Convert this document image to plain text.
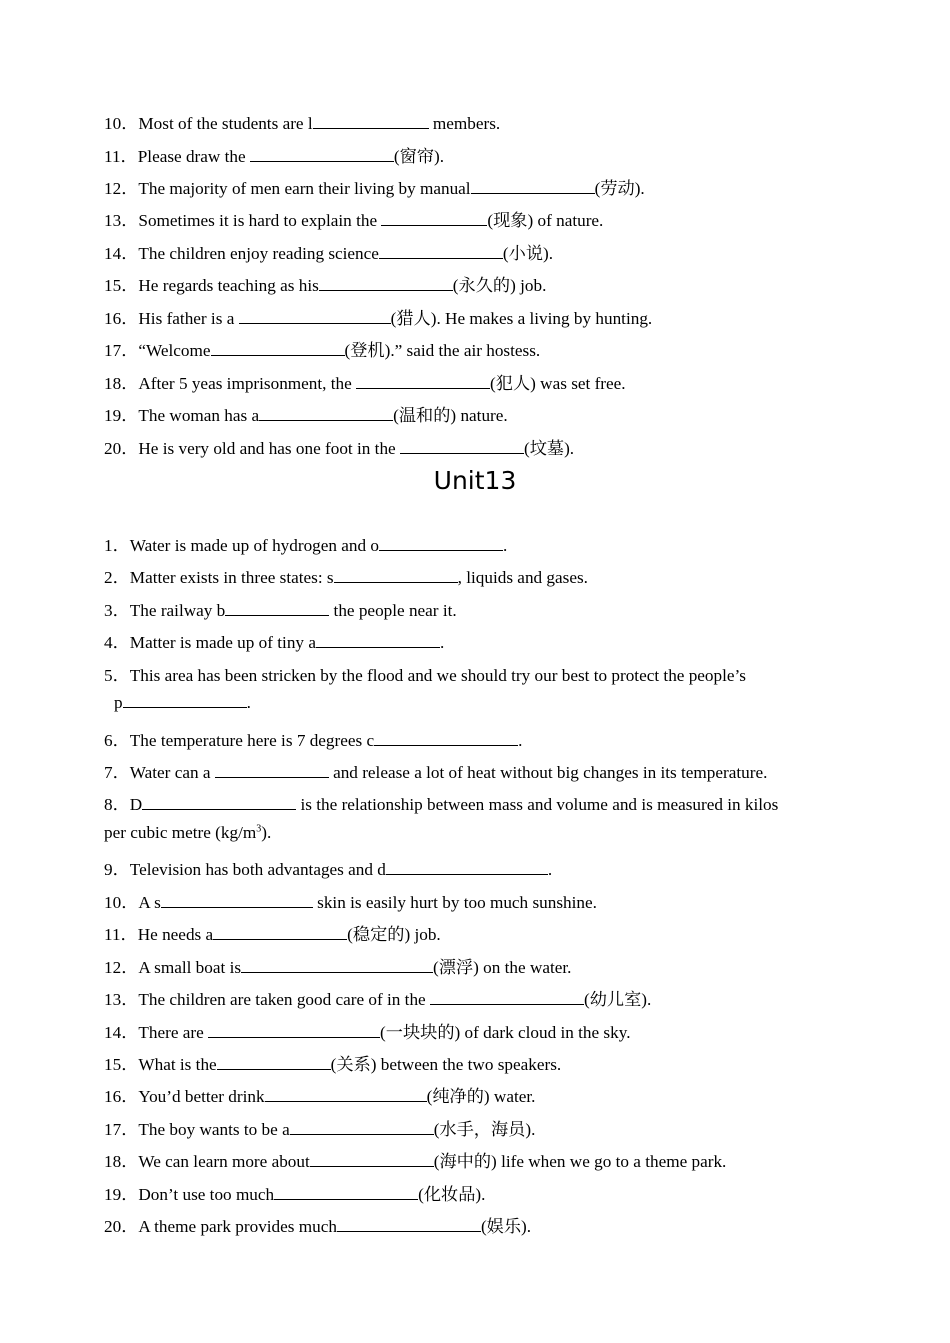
10．Most of the students are l	members.
11．Please draw the	(窗帘).
12．The majority of men earn their living by manual	(劳动).
13．Sometimes it is hard to explain the	(现象) of nature.
14．The children enjoy reading science	(小说).
15．He regards teaching as his	(永久的) job.
16．His father is a	(猎人). He makes a living by hunting.
17．“Welcome	(登机).” said the air hostess.
18．After 5 yeas imprisonment, the	(犯人) was set free.
19．The woman has a	(温和的) nature.
20．He is very old and has one foot in the	(坟墓).
Unit13
1．Water is made up of hydrogen and o	.
2．Matter exists in three states: s	, liquids and gases.
3．The railway b	the people near it.
4．Matter is made up of tiny a	.
5．This area has been stricken by the flood and we should try our best to protect the people’s
p	.
6．The temperature here is 7 degrees c	.
7．Water can a	and release a lot of heat without big changes in its temperature.
8．D	is the relationship between mass and volume and is measured in kilos
per cubic metre $(kg/m^3)$.
9．Television has both advantages and d	.
10．A s	skin is easily hurt by too much sunshine.
11．He needs a	(稳定的) job.
12．A small boat is	(漂浮) on the water.
13．The children are taken good care of in the	(幼儿室).
14．There are	(一块块的) of dark cloud in the sky.
15．What is the	(关系) between the two speakers.
16．You’d better drink	(纯净的) water.
17．The boy wants to be a	(水手，海员).
18．We can learn more about	(海中的) life when we go to a theme park.
19．Don’t use too much	(化妆品).
20．A theme park provides much	(娱乐).
